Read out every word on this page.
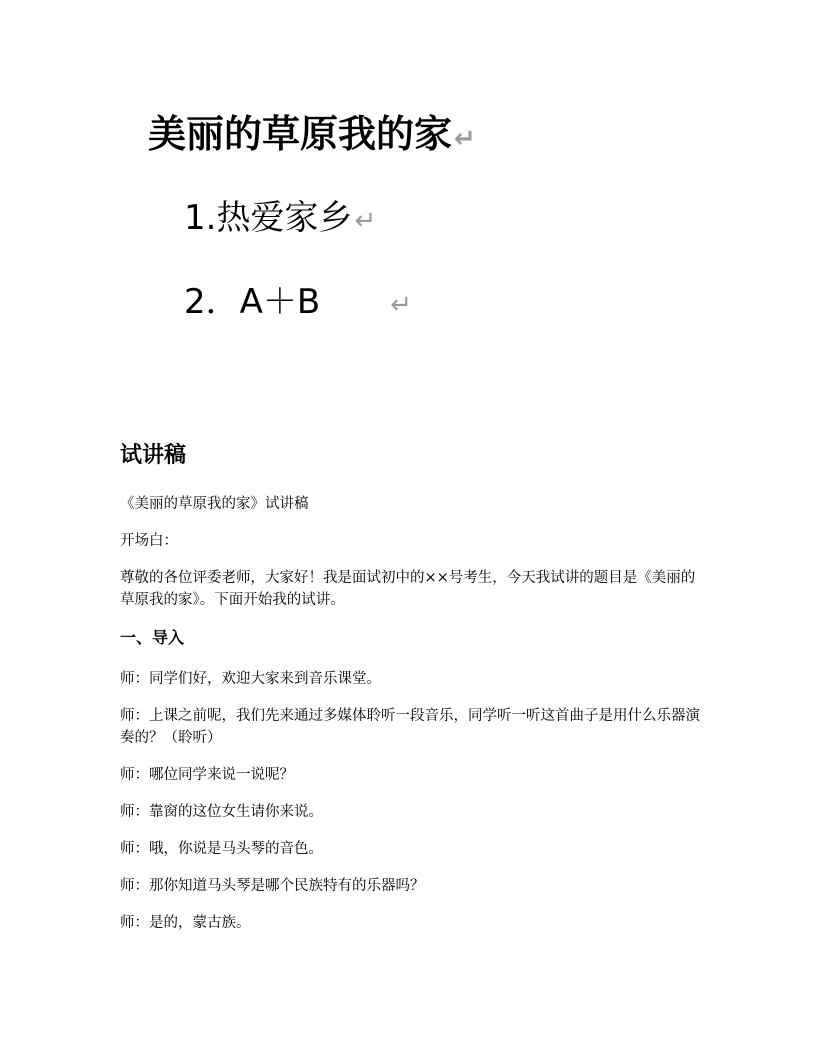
美丽的草原我的家↵
1.热爱家乡↵
2．A＋B	↵
试讲稿

《美丽的草原我的家》试讲稿

开场白：

尊敬的各位评委老师，大家好！我是面试初中的××号考生，今天我试讲的题目是《美丽的草原我的家》。下面开始我的试讲。

一、导入

师：同学们好，欢迎大家来到音乐课堂。

师：上课之前呢，我们先来通过多媒体聆听一段音乐，同学听一听这首曲子是用什么乐器演奏的？（聆听）

师：哪位同学来说一说呢？

师：靠窗的这位女生请你来说。

师：哦，你说是马头琴的音色。

师：那你知道马头琴是哪个民族特有的乐器吗？

师：是的，蒙古族。
